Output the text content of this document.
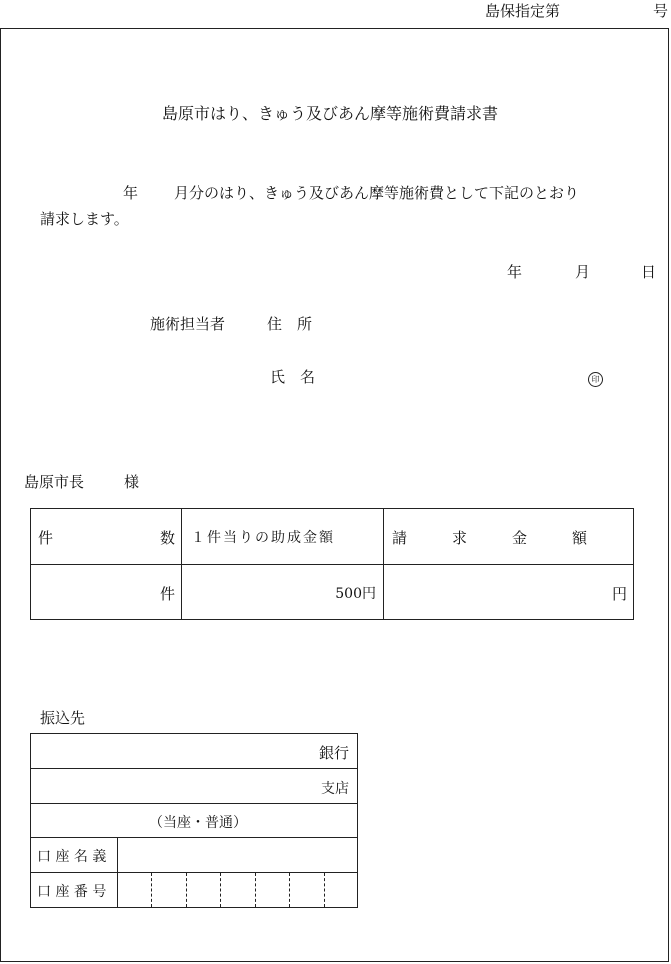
島保指定第	号
島原市はり、きゅう及びあん摩等施術費請求書
年 月分のはり、きゅう及びあん摩等施術費として下記のとおり
請求します。
年	月	日
施術担当者	住　所
氏　名	印
島原市長	様
件 数	１件当りの助成金額	請　　　求　　　金　　　額

件	500円	円
振込先
銀行	

支店	

（当座・普通）	

口 座 名 義	

口 座 番 号	
